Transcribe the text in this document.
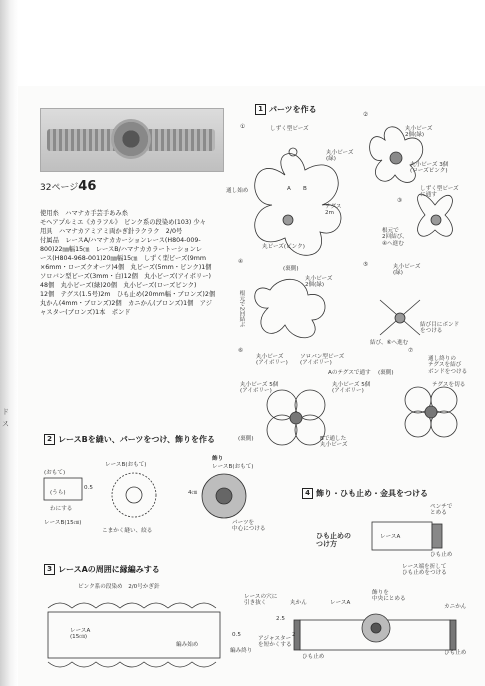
32ページ46
使用糸　ハマナカ手芸手あみ糸
モヘアプルミエ《カラフル》　ピンク系の段染め(103) 少々
用具　ハマナカアミアミ両かぎ針ラクラク　2/0号
付属品　レースA/ハマナカカーションレース(H804-009-
800)22㎜幅15㎝　レースB/ハマナカカラートーションレ
ース(H804-968-001)20㎜幅15㎝　しずく型ビーズ(9mm
×6mm・ローズクオーツ)4個　丸ビーズ(5mm・ピンク)1個
ソロバン型ビーズ(3mm・白)12個　丸小ビーズ(アイボリー)
48個　丸小ビーズ(緑)20個　丸小ビーズ(ローズピンク)
12個　テグス(1.5号)2m　ひも止め(20mm幅・ブロンズ)2個
丸かん(4mm・ブロンズ)2個　カニかん(ブロンズ)1個　アジ
ャスター(ブロンズ)1本　ボンド
ド
ス
1 パーツを作る
2 レースBを縫い、パーツをつけ、飾りを作る
3 レースAの周囲に縁編みする
4 飾り・ひも止め・金具をつける
①
②
③
④	⑤
⑥	⑦
しずく型ビーズ
丸小ビーズ
(緑)
通し始め
テグス
2m
丸ビーズ(ピンク)
丸小ビーズ
2個(緑)
丸小ビーズ 3個
(ローズピンク)
しずく型ビーズ
に通す
根元で
2回結び、
④へ進む
(裏側)
丸小ビーズ
2個(緑)
根元で2回結ぶ
丸小ビーズ
(緑)
結び目にボンド
をつける
結び、⑥へ進む
丸小ビーズ
(アイボリー)
ソロバン型ビーズ
(アイボリー)
Aのテグスで通す
丸小ビーズ 5個
(アイボリー)
丸小ビーズ 5個
(アイボリー)
Bで通した
丸小ビーズ
(裏側)
(裏側)
通し終りの
テグスを結び
ボンドをつける
テグスを切る
(おもて)
(うら)
わにする
0.5
レースB(15㎝)
レースB(おもて)
こまかく縫い、絞る
飾り
レースB(おもて)
4㎝
パーツを
中心につける
ピンク系の段染め　2/0号かぎ針
レースの穴に
引き抜く
レースA
(15㎝)	0.5
編み始め
編み終り
ひも止めの
つけ方
ペンチで
とめる
レースA
ひも止め
レース端を折して
ひも止めをつける
丸かん	レースA
飾りを
中央にとめる
カニかん
アジャスター
を短かくする
ひも止め
2.5
2
ひも止め
A B
